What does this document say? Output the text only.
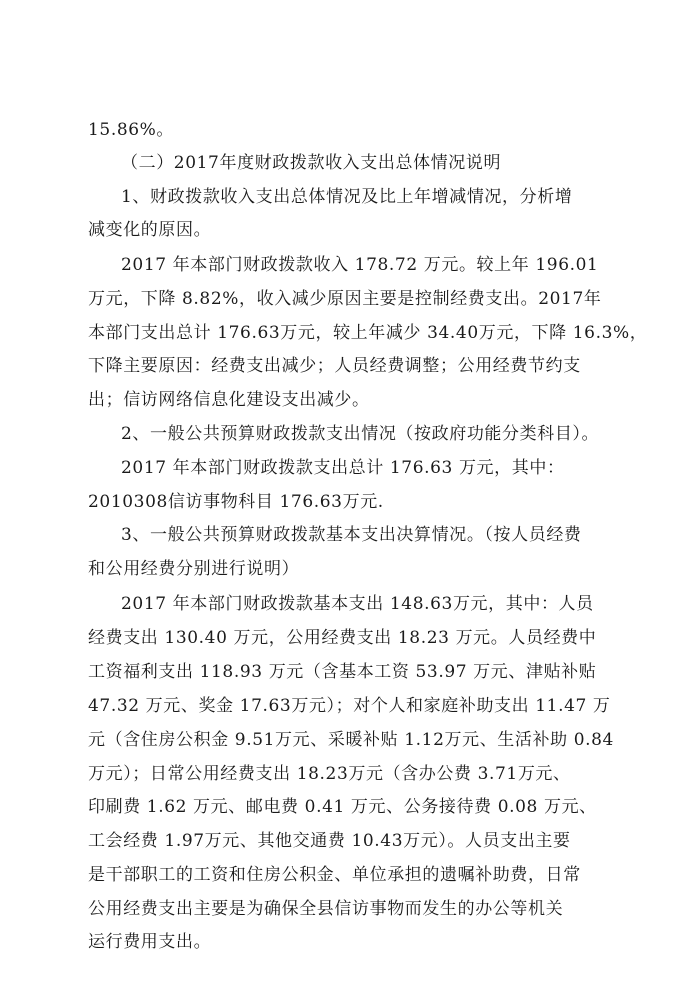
15.86%。
（二）2017年度财政拨款收入支出总体情况说明
1、财政拨款收入支出总体情况及比上年增减情况，分析增
减变化的原因。
2017 年本部门财政拨款收入 178.72 万元。较上年 196.01
万元，下降 8.82%，收入减少原因主要是控制经费支出。2017年
本部门支出总计 176.63万元，较上年减少 34.40万元，下降 16.3%，
下降主要原因：经费支出减少；人员经费调整；公用经费节约支
出；信访网络信息化建设支出减少。
2、一般公共预算财政拨款支出情况（按政府功能分类科目）。
2017 年本部门财政拨款支出总计 176.63 万元，其中：
2010308信访事物科目 176.63万元.
3、一般公共预算财政拨款基本支出决算情况。（按人员经费
和公用经费分别进行说明）
2017 年本部门财政拨款基本支出 148.63万元，其中：人员
经费支出 130.40 万元，公用经费支出 18.23 万元。人员经费中
工资福利支出 118.93 万元（含基本工资 53.97 万元、津贴补贴
47.32 万元、奖金 17.63万元）；对个人和家庭补助支出 11.47 万
元（含住房公积金 9.51万元、采暖补贴 1.12万元、生活补助 0.84
万元）；日常公用经费支出 18.23万元（含办公费 3.71万元、
印刷费 1.62 万元、邮电费 0.41 万元、公务接待费 0.08 万元、
工会经费 1.97万元、其他交通费 10.43万元）。人员支出主要
是干部职工的工资和住房公积金、单位承担的遗嘱补助费，日常
公用经费支出主要是为确保全县信访事物而发生的办公等机关
运行费用支出。
